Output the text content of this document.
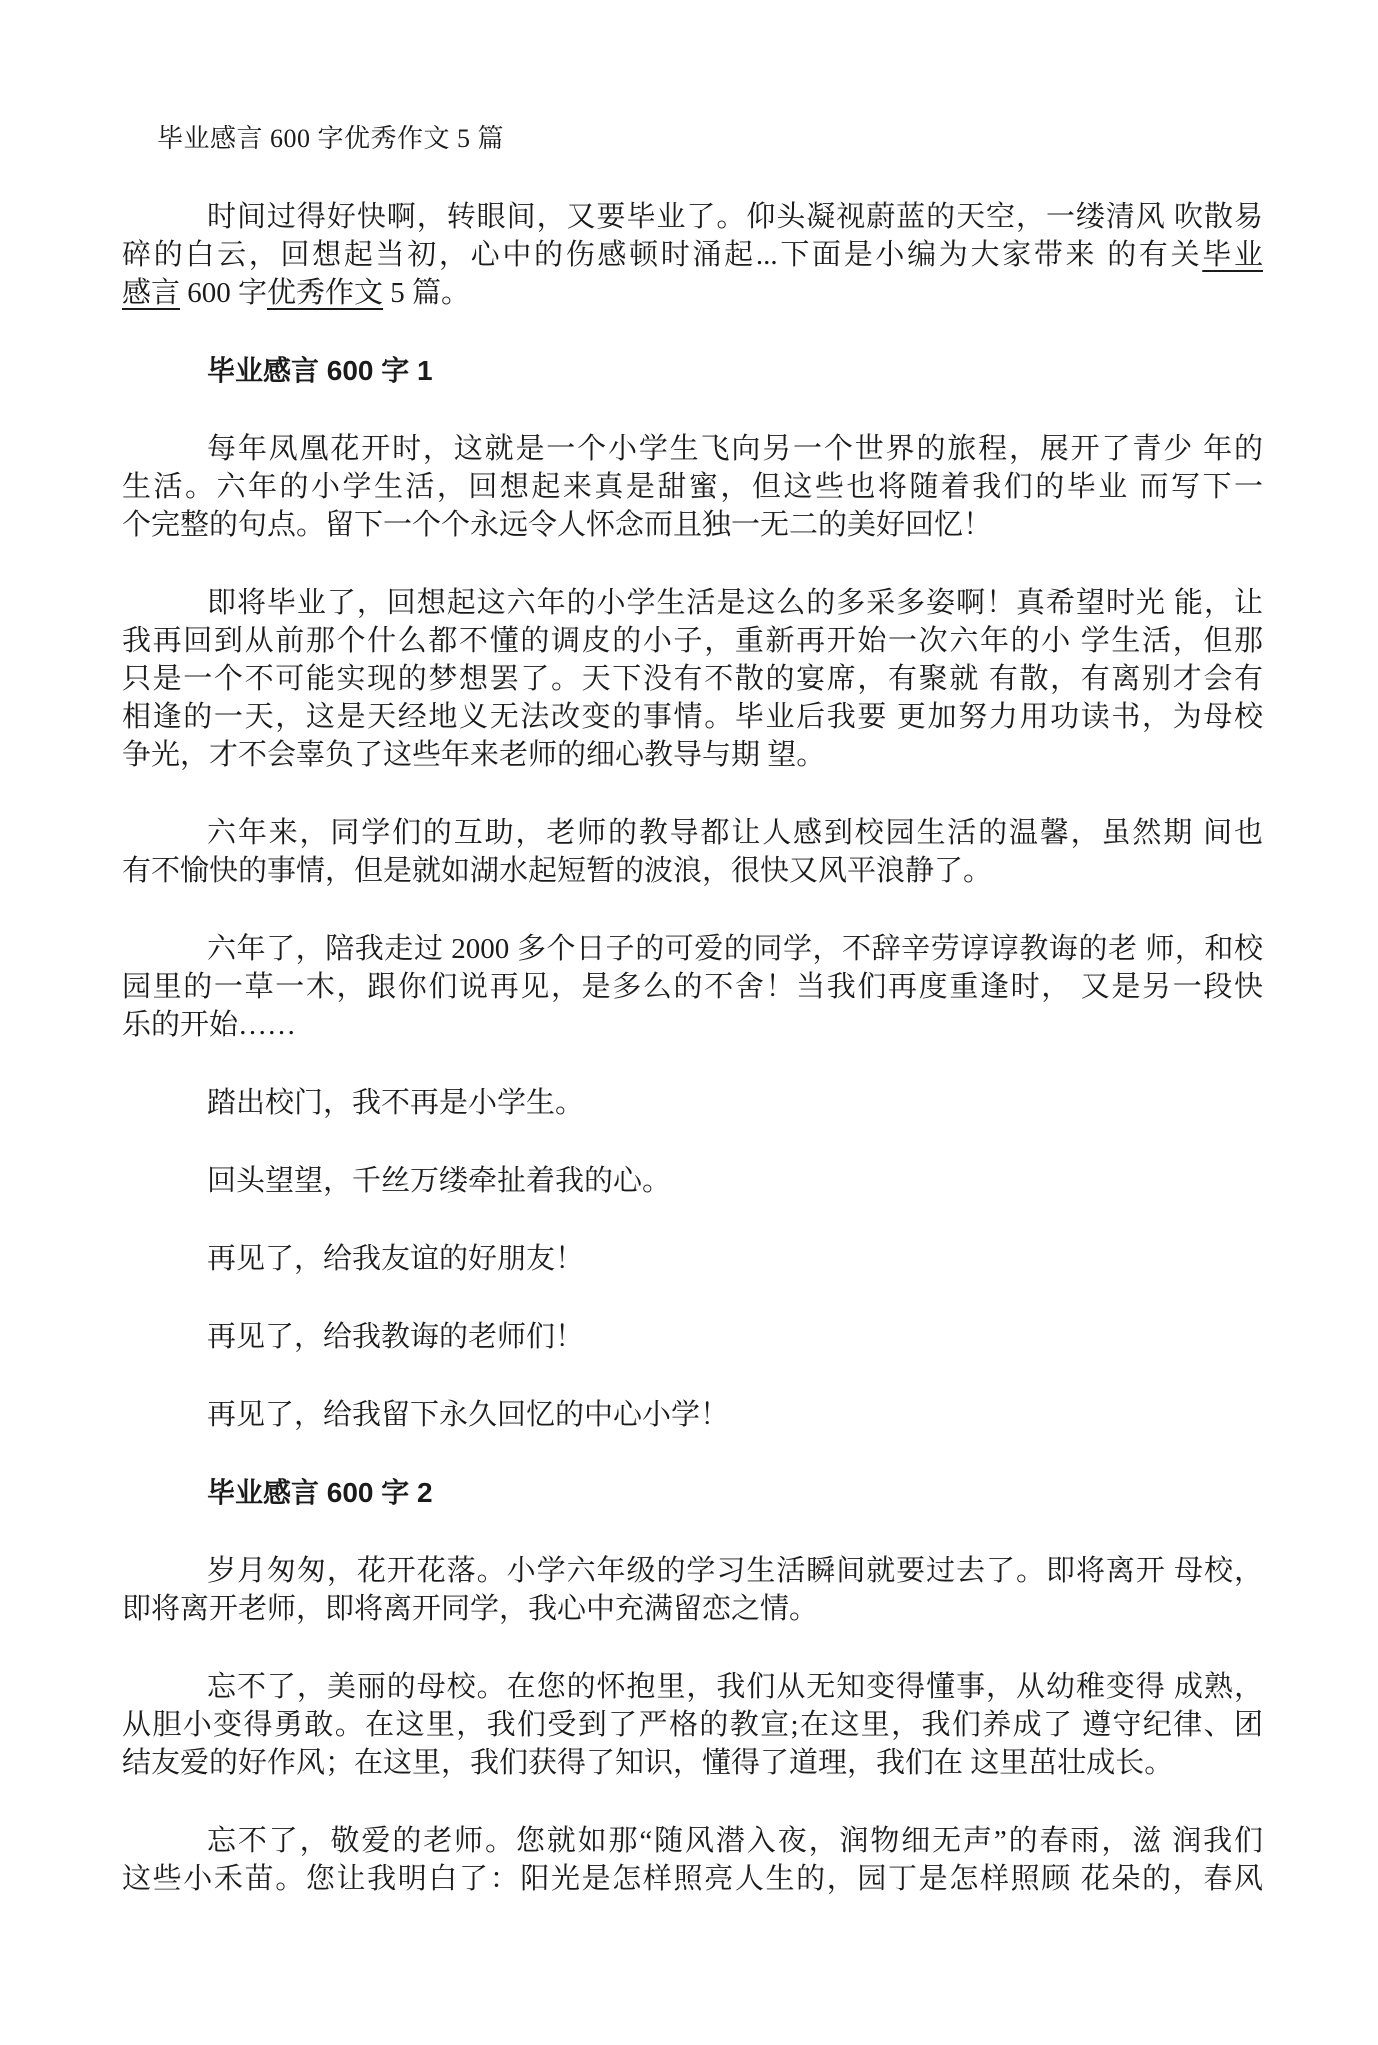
毕业感言 600 字优秀作文 5 篇

时间过得好快啊，转眼间，又要毕业了。仰头凝视蔚蓝的天空，一缕清风 吹散易
碎的白云，回想起当初，心中的伤感顿时涌起...下面是小编为大家带来 的有关毕业
感言 600 字优秀作文 5 篇。

毕业感言 600 字 1

每年凤凰花开时，这就是一个小学生飞向另一个世界的旅程，展开了青少 年的
生活。六年的小学生活，回想起来真是甜蜜，但这些也将随着我们的毕业 而写下一
个完整的句点。留下一个个永远令人怀念而且独一无二的美好回忆！

即将毕业了，回想起这六年的小学生活是这么的多采多姿啊！真希望时光 能，让
我再回到从前那个什么都不懂的调皮的小子，重新再开始一次六年的小 学生活，但那
只是一个不可能实现的梦想罢了。天下没有不散的宴席，有聚就 有散，有离别才会有
相逢的一天，这是天经地义无法改变的事情。毕业后我要 更加努力用功读书，为母校
争光，才不会辜负了这些年来老师的细心教导与期 望。

六年来，同学们的互助，老师的教导都让人感到校园生活的温馨，虽然期 间也
有不愉快的事情，但是就如湖水起短暂的波浪，很快又风平浪静了。

六年了，陪我走过 2000 多个日子的可爱的同学，不辞辛劳谆谆教诲的老 师，和校
园里的一草一木，跟你们说再见，是多么的不舍！当我们再度重逢时， 又是另一段快
乐的开始……

踏出校门，我不再是小学生。

回头望望，千丝万缕牵扯着我的心。

再见了，给我友谊的好朋友！

再见了，给我教诲的老师们！

再见了，给我留下永久回忆的中心小学！

毕业感言 600 字 2

岁月匆匆，花开花落。小学六年级的学习生活瞬间就要过去了。即将离开 母校，
即将离开老师，即将离开同学，我心中充满留恋之情。

忘不了，美丽的母校。在您的怀抱里，我们从无知变得懂事，从幼稚变得 成熟，
从胆小变得勇敢。在这里，我们受到了严格的教宣;在这里，我们养成了 遵守纪律、团
结友爱的好作风；在这里，我们获得了知识，懂得了道理，我们在 这里茁壮成长。

忘不了，敬爱的老师。您就如那“随风潜入夜，润物细无声”的春雨，滋 润我们
这些小禾苗。您让我明白了：阳光是怎样照亮人生的，园丁是怎样照顾 花朵的，春风
